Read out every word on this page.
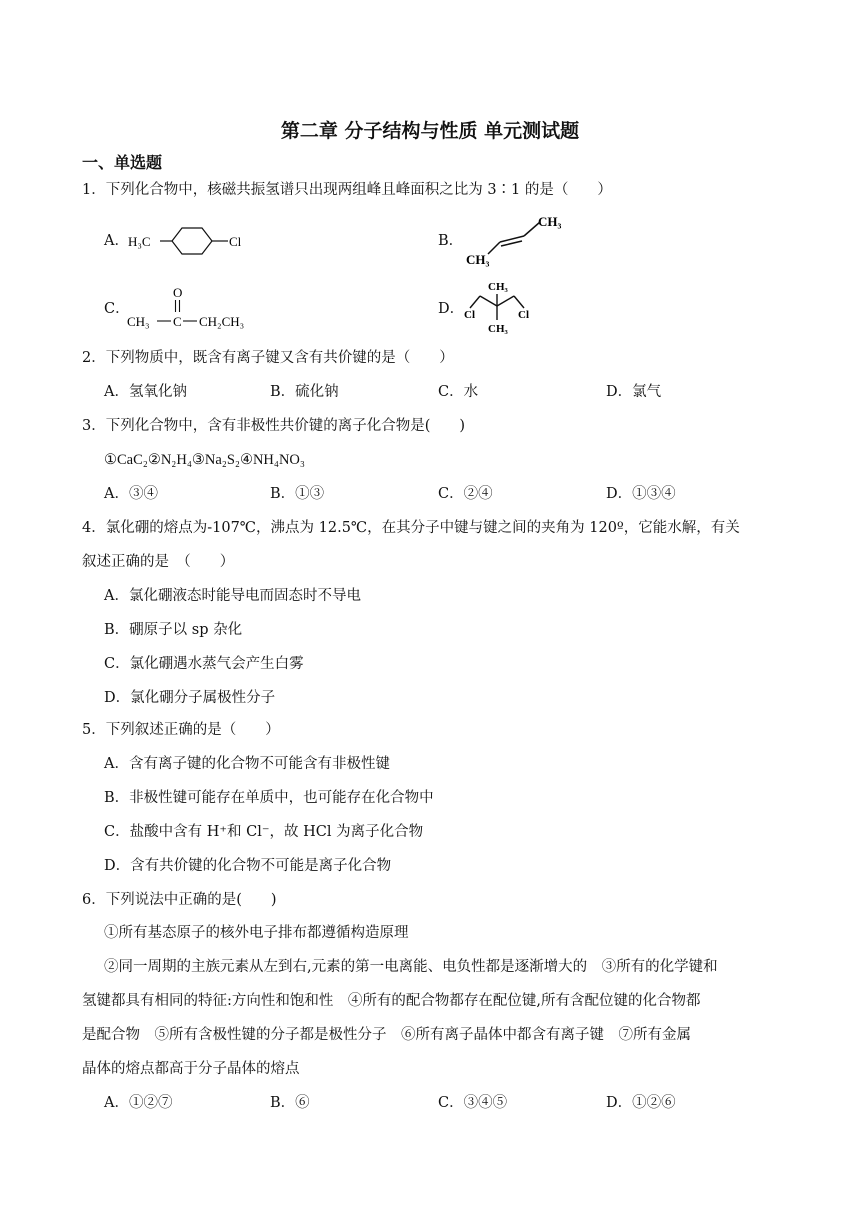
第二章 分子结构与性质 单元测试题
一、单选题
1．下列化合物中，核磁共振氢谱只出现两组峰且峰面积之比为 3∶1 的是（　　）
A． H₃C	Cl	B．
CH₃
CH₃
C．
O
CH₃ C CH₂CH₃
D．
CH₃
Cl	Cl
CH₃
2．下列物质中，既含有离子键又含有共价键的是（　　）
A．氢氧化钠	B．硫化钠	C．水	D．氯气
3．下列化合物中，含有非极性共价键的离子化合物是(　　)
①CaC₂②N₂H₄③Na₂S₂④NH₄NO₃
A．③④	B．①③	C．②④	D．①③④
4．氯化硼的熔点为-107℃，沸点为 12.5℃，在其分子中键与键之间的夹角为 120º，它能水解，有关
叙述正确的是　（　　）
A．氯化硼液态时能导电而固态时不导电
B．硼原子以 sp 杂化
C．氯化硼遇水蒸气会产生白雾
D．氯化硼分子属极性分子
5．下列叙述正确的是（　　）
A．含有离子键的化合物不可能含有非极性键
B．非极性键可能存在单质中，也可能存在化合物中
C．盐酸中含有 H⁺和 Cl⁻，故 HCl 为离子化合物
D．含有共价键的化合物不可能是离子化合物
6．下列说法中正确的是(　　)
①所有基态原子的核外电子排布都遵循构造原理
②同一周期的主族元素从左到右,元素的第一电离能、电负性都是逐渐增大的　③所有的化学键和
氢键都具有相同的特征:方向性和饱和性　④所有的配合物都存在配位键,所有含配位键的化合物都
是配合物　⑤所有含极性键的分子都是极性分子　⑥所有离子晶体中都含有离子键　⑦所有金属
晶体的熔点都高于分子晶体的熔点
A．①②⑦	B．⑥	C．③④⑤	D．①②⑥
